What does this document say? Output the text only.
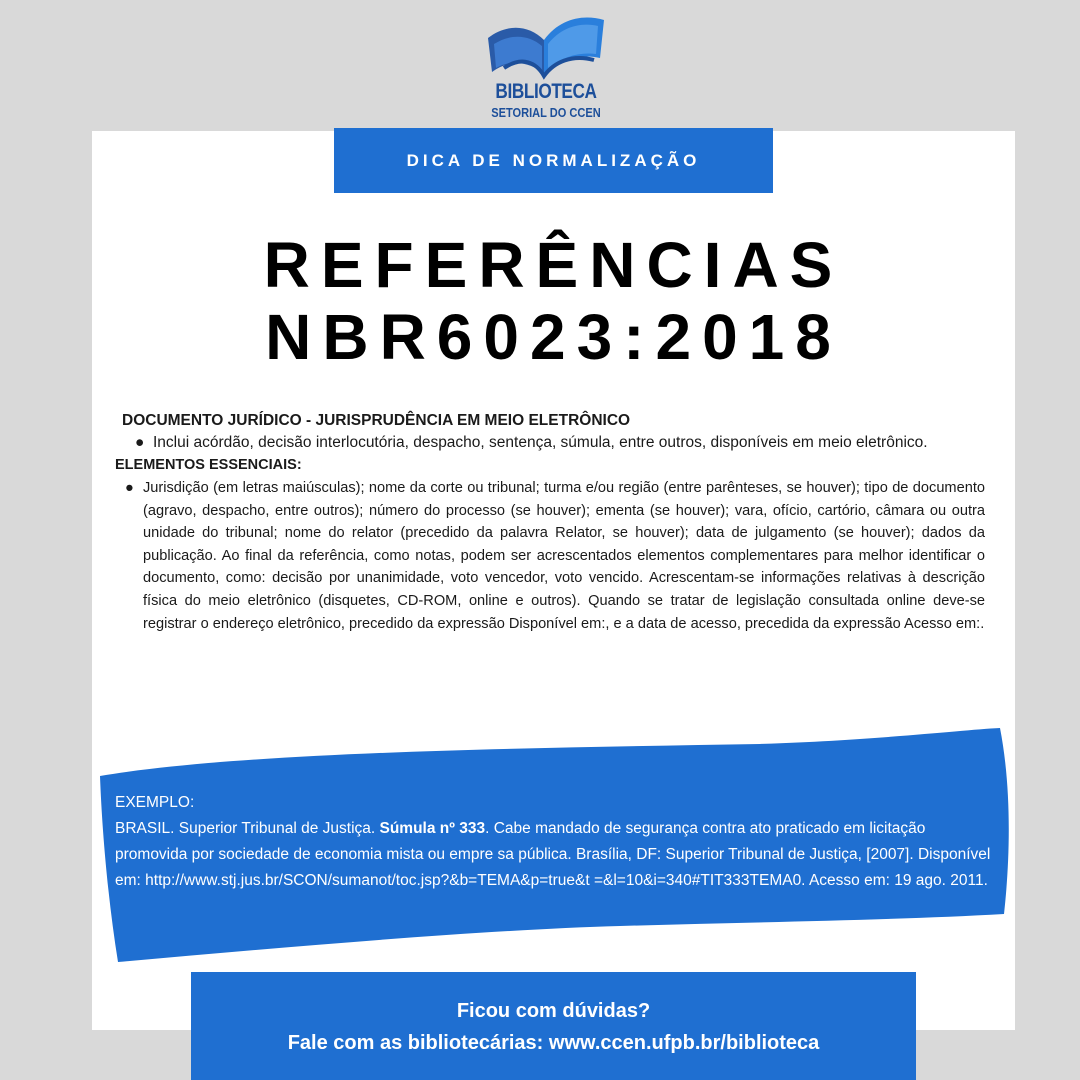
BIBLIOTECA
SETORIAL DO CCEN
DICA DE NORMALIZAÇÃO
REFERÊNCIAS
NBR6023:2018
DOCUMENTO JURÍDICO - JURISPRUDÊNCIA EM MEIO ELETRÔNICO
● Inclui acórdão, decisão interlocutória, despacho, sentença, súmula, entre outros, disponíveis em meio eletrônico.
ELEMENTOS ESSENCIAIS:
● Jurisdição (em letras maiúsculas); nome da corte ou tribunal; turma e/ou região (entre parênteses, se houver); tipo de documento (agravo, despacho, entre outros); número do processo (se houver); ementa (se houver); vara, ofício, cartório, câmara ou outra unidade do tribunal; nome do relator (precedido da palavra Relator, se houver); data de julgamento (se houver); dados da publicação. Ao final da referência, como notas, podem ser acrescentados elementos complementares para melhor identificar o documento, como: decisão por unanimidade, voto vencedor, voto vencido. Acrescentam-se informações relativas à descrição física do meio eletrônico (disquetes, CD-ROM, online e outros). Quando se tratar de legislação consultada online deve-se registrar o endereço eletrônico, precedido da expressão Disponível em:, e a data de acesso, precedida da expressão Acesso em:.
EXEMPLO:
BRASIL. Superior Tribunal de Justiça. Súmula nº 333. Cabe mandado de segurança contra ato praticado em licitação promovida por sociedade de economia mista ou empre sa pública. Brasília, DF: Superior Tribunal de Justiça, [2007]. Disponível em: http://www.stj.jus.br/SCON/sumanot/toc.jsp?&b=TEMA&p=true&t =&l=10&i=340#TIT333TEMA0. Acesso em: 19 ago. 2011.
Ficou com dúvidas?
Fale com as bibliotecárias: www.ccen.ufpb.br/biblioteca
